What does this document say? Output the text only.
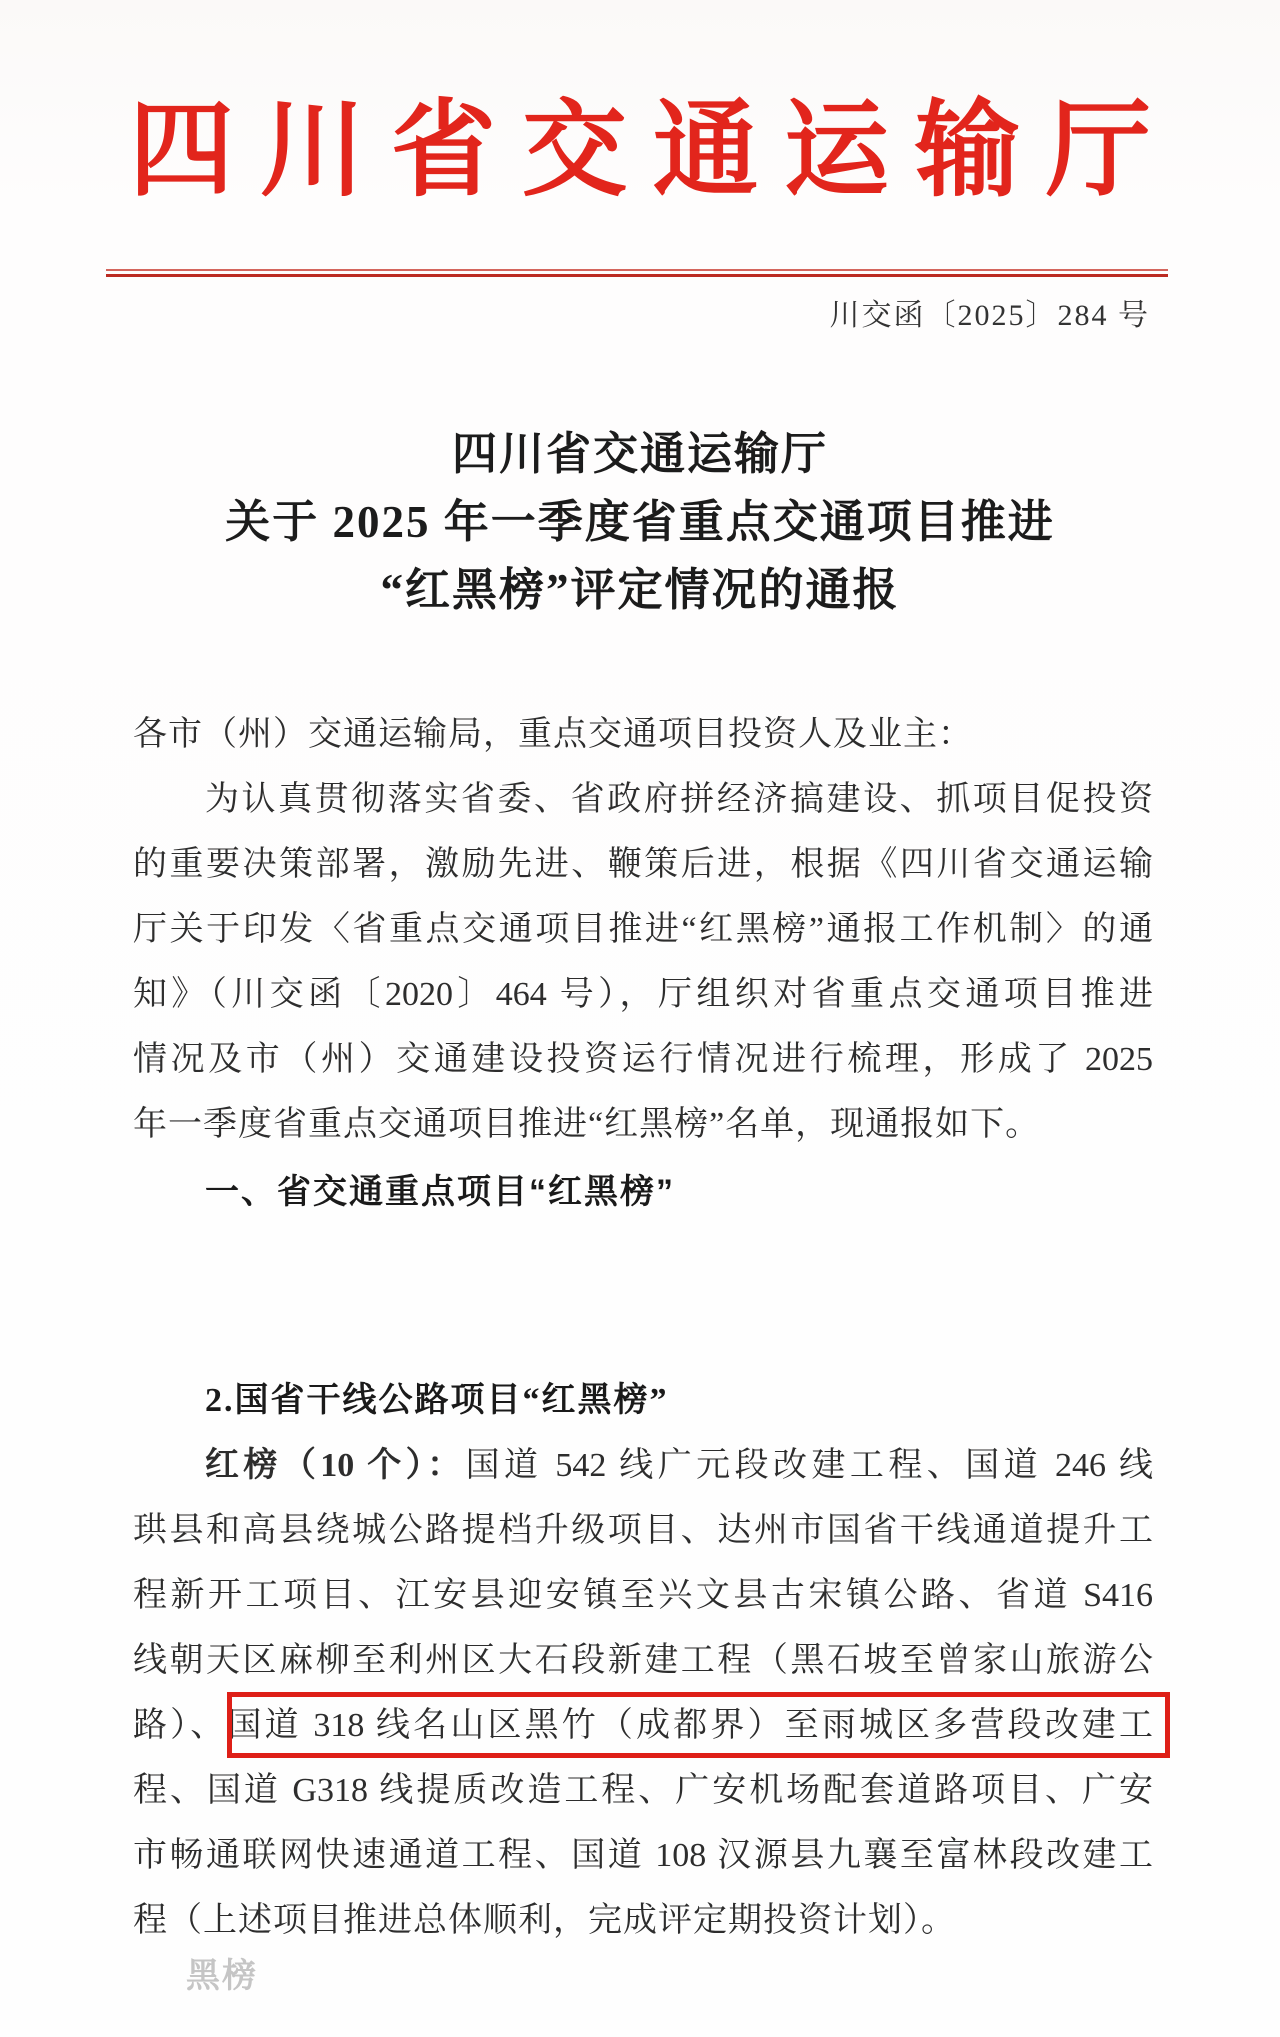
四川省交通运输厅
川交函〔2025〕284 号
四川省交通运输厅
关于 2025 年一季度省重点交通项目推进
“红黑榜”评定情况的通报
各市（州）交通运输局，重点交通项目投资人及业主：
为认真贯彻落实省委、省政府拼经济搞建设、抓项目促投资
的重要决策部署，激励先进、鞭策后进，根据《四川省交通运输
厅关于印发〈省重点交通项目推进“红黑榜”通报工作机制〉的通
知》（川交函〔2020〕464 号），厅组织对省重点交通项目推进
情况及市（州）交通建设投资运行情况进行梳理，形成了 2025
年一季度省重点交通项目推进“红黑榜”名单，现通报如下。
一、省交通重点项目“红黑榜”
2.国省干线公路项目“红黑榜”
红榜（10 个）：国道 542 线广元段改建工程、国道 246 线
珙县和高县绕城公路提档升级项目、达州市国省干线通道提升工
程新开工项目、江安县迎安镇至兴文县古宋镇公路、省道 S416
线朝天区麻柳至利州区大石段新建工程（黑石坡至曾家山旅游公
路）、国道 318 线名山区黑竹（成都界）至雨城区多营段改建工
程、国道 G318 线提质改造工程、广安机场配套道路项目、广安
市畅通联网快速通道工程、国道 108 汉源县九襄至富林段改建工
程（上述项目推进总体顺利，完成评定期投资计划）。
黑榜
